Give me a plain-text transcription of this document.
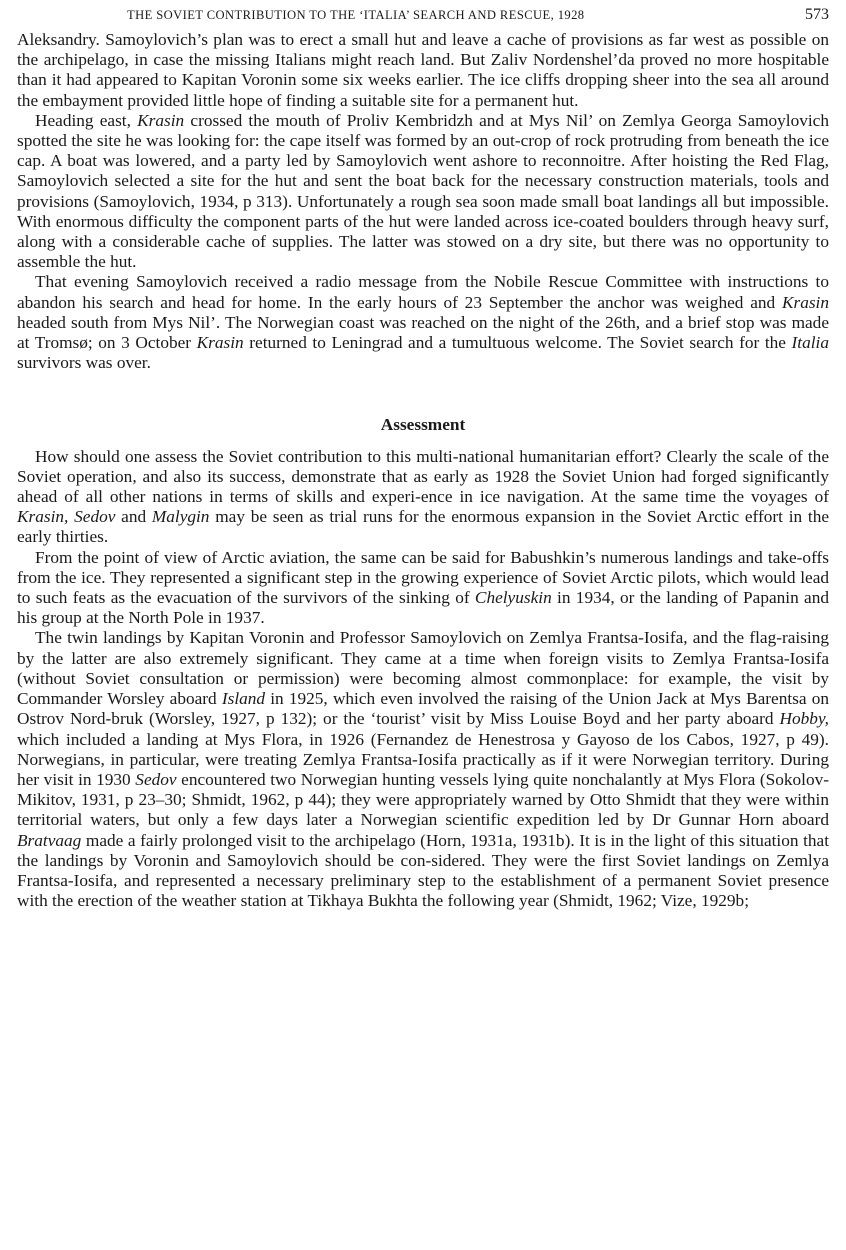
THE SOVIET CONTRIBUTION TO THE ‘ITALIA’ SEARCH AND RESCUE, 1928	573

Aleksandry. Samoylovich’s plan was to erect a small hut and leave a cache of provisions as far west as possible on the archipelago, in case the missing Italians might reach land. But Zaliv Nordenshel’da proved no more hospitable than it had appeared to Kapitan Voronin some six weeks earlier. The ice cliffs dropping sheer into the sea all around the embayment provided little hope of finding a suitable site for a permanent hut.

Heading east, Krasin crossed the mouth of Proliv Kembridzh and at Mys Nil’ on Zemlya Georga Samoylovich spotted the site he was looking for: the cape itself was formed by an out-crop of rock protruding from beneath the ice cap. A boat was lowered, and a party led by Samoylovich went ashore to reconnoitre. After hoisting the Red Flag, Samoylovich selected a site for the hut and sent the boat back for the necessary construction materials, tools and provisions (Samoylovich, 1934, p 313). Unfortunately a rough sea soon made small boat landings all but impossible. With enormous difficulty the component parts of the hut were landed across ice-coated boulders through heavy surf, along with a considerable cache of supplies. The latter was stowed on a dry site, but there was no opportunity to assemble the hut.

That evening Samoylovich received a radio message from the Nobile Rescue Committee with instructions to abandon his search and head for home. In the early hours of 23 September the anchor was weighed and Krasin headed south from Mys Nil’. The Norwegian coast was reached on the night of the 26th, and a brief stop was made at Tromsø; on 3 October Krasin returned to Leningrad and a tumultuous welcome. The Soviet search for the Italia survivors was over.

Assessment

How should one assess the Soviet contribution to this multi-national humanitarian effort? Clearly the scale of the Soviet operation, and also its success, demonstrate that as early as 1928 the Soviet Union had forged significantly ahead of all other nations in terms of skills and experi-ence in ice navigation. At the same time the voyages of Krasin, Sedov and Malygin may be seen as trial runs for the enormous expansion in the Soviet Arctic effort in the early thirties.

From the point of view of Arctic aviation, the same can be said for Babushkin’s numerous landings and take-offs from the ice. They represented a significant step in the growing experience of Soviet Arctic pilots, which would lead to such feats as the evacuation of the survivors of the sinking of Chelyuskin in 1934, or the landing of Papanin and his group at the North Pole in 1937.

The twin landings by Kapitan Voronin and Professor Samoylovich on Zemlya Frantsa-Iosifa, and the flag-raising by the latter are also extremely significant. They came at a time when foreign visits to Zemlya Frantsa-Iosifa (without Soviet consultation or permission) were becoming almost commonplace: for example, the visit by Commander Worsley aboard Island in 1925, which even involved the raising of the Union Jack at Mys Barentsa on Ostrov Nord-bruk (Worsley, 1927, p 132); or the ‘tourist’ visit by Miss Louise Boyd and her party aboard Hobby, which included a landing at Mys Flora, in 1926 (Fernandez de Henestrosa y Gayoso de los Cabos, 1927, p 49). Norwegians, in particular, were treating Zemlya Frantsa-Iosifa practically as if it were Norwegian territory. During her visit in 1930 Sedov encountered two Norwegian hunting vessels lying quite nonchalantly at Mys Flora (Sokolov-Mikitov, 1931, p 23–30; Shmidt, 1962, p 44); they were appropriately warned by Otto Shmidt that they were within territorial waters, but only a few days later a Norwegian scientific expedition led by Dr Gunnar Horn aboard Bratvaag made a fairly prolonged visit to the archipelago (Horn, 1931a, 1931b). It is in the light of this situation that the landings by Voronin and Samoylovich should be con-sidered. They were the first Soviet landings on Zemlya Frantsa-Iosifa, and represented a necessary preliminary step to the establishment of a permanent Soviet presence with the erection of the weather station at Tikhaya Bukhta the following year (Shmidt, 1962; Vize, 1929b;
